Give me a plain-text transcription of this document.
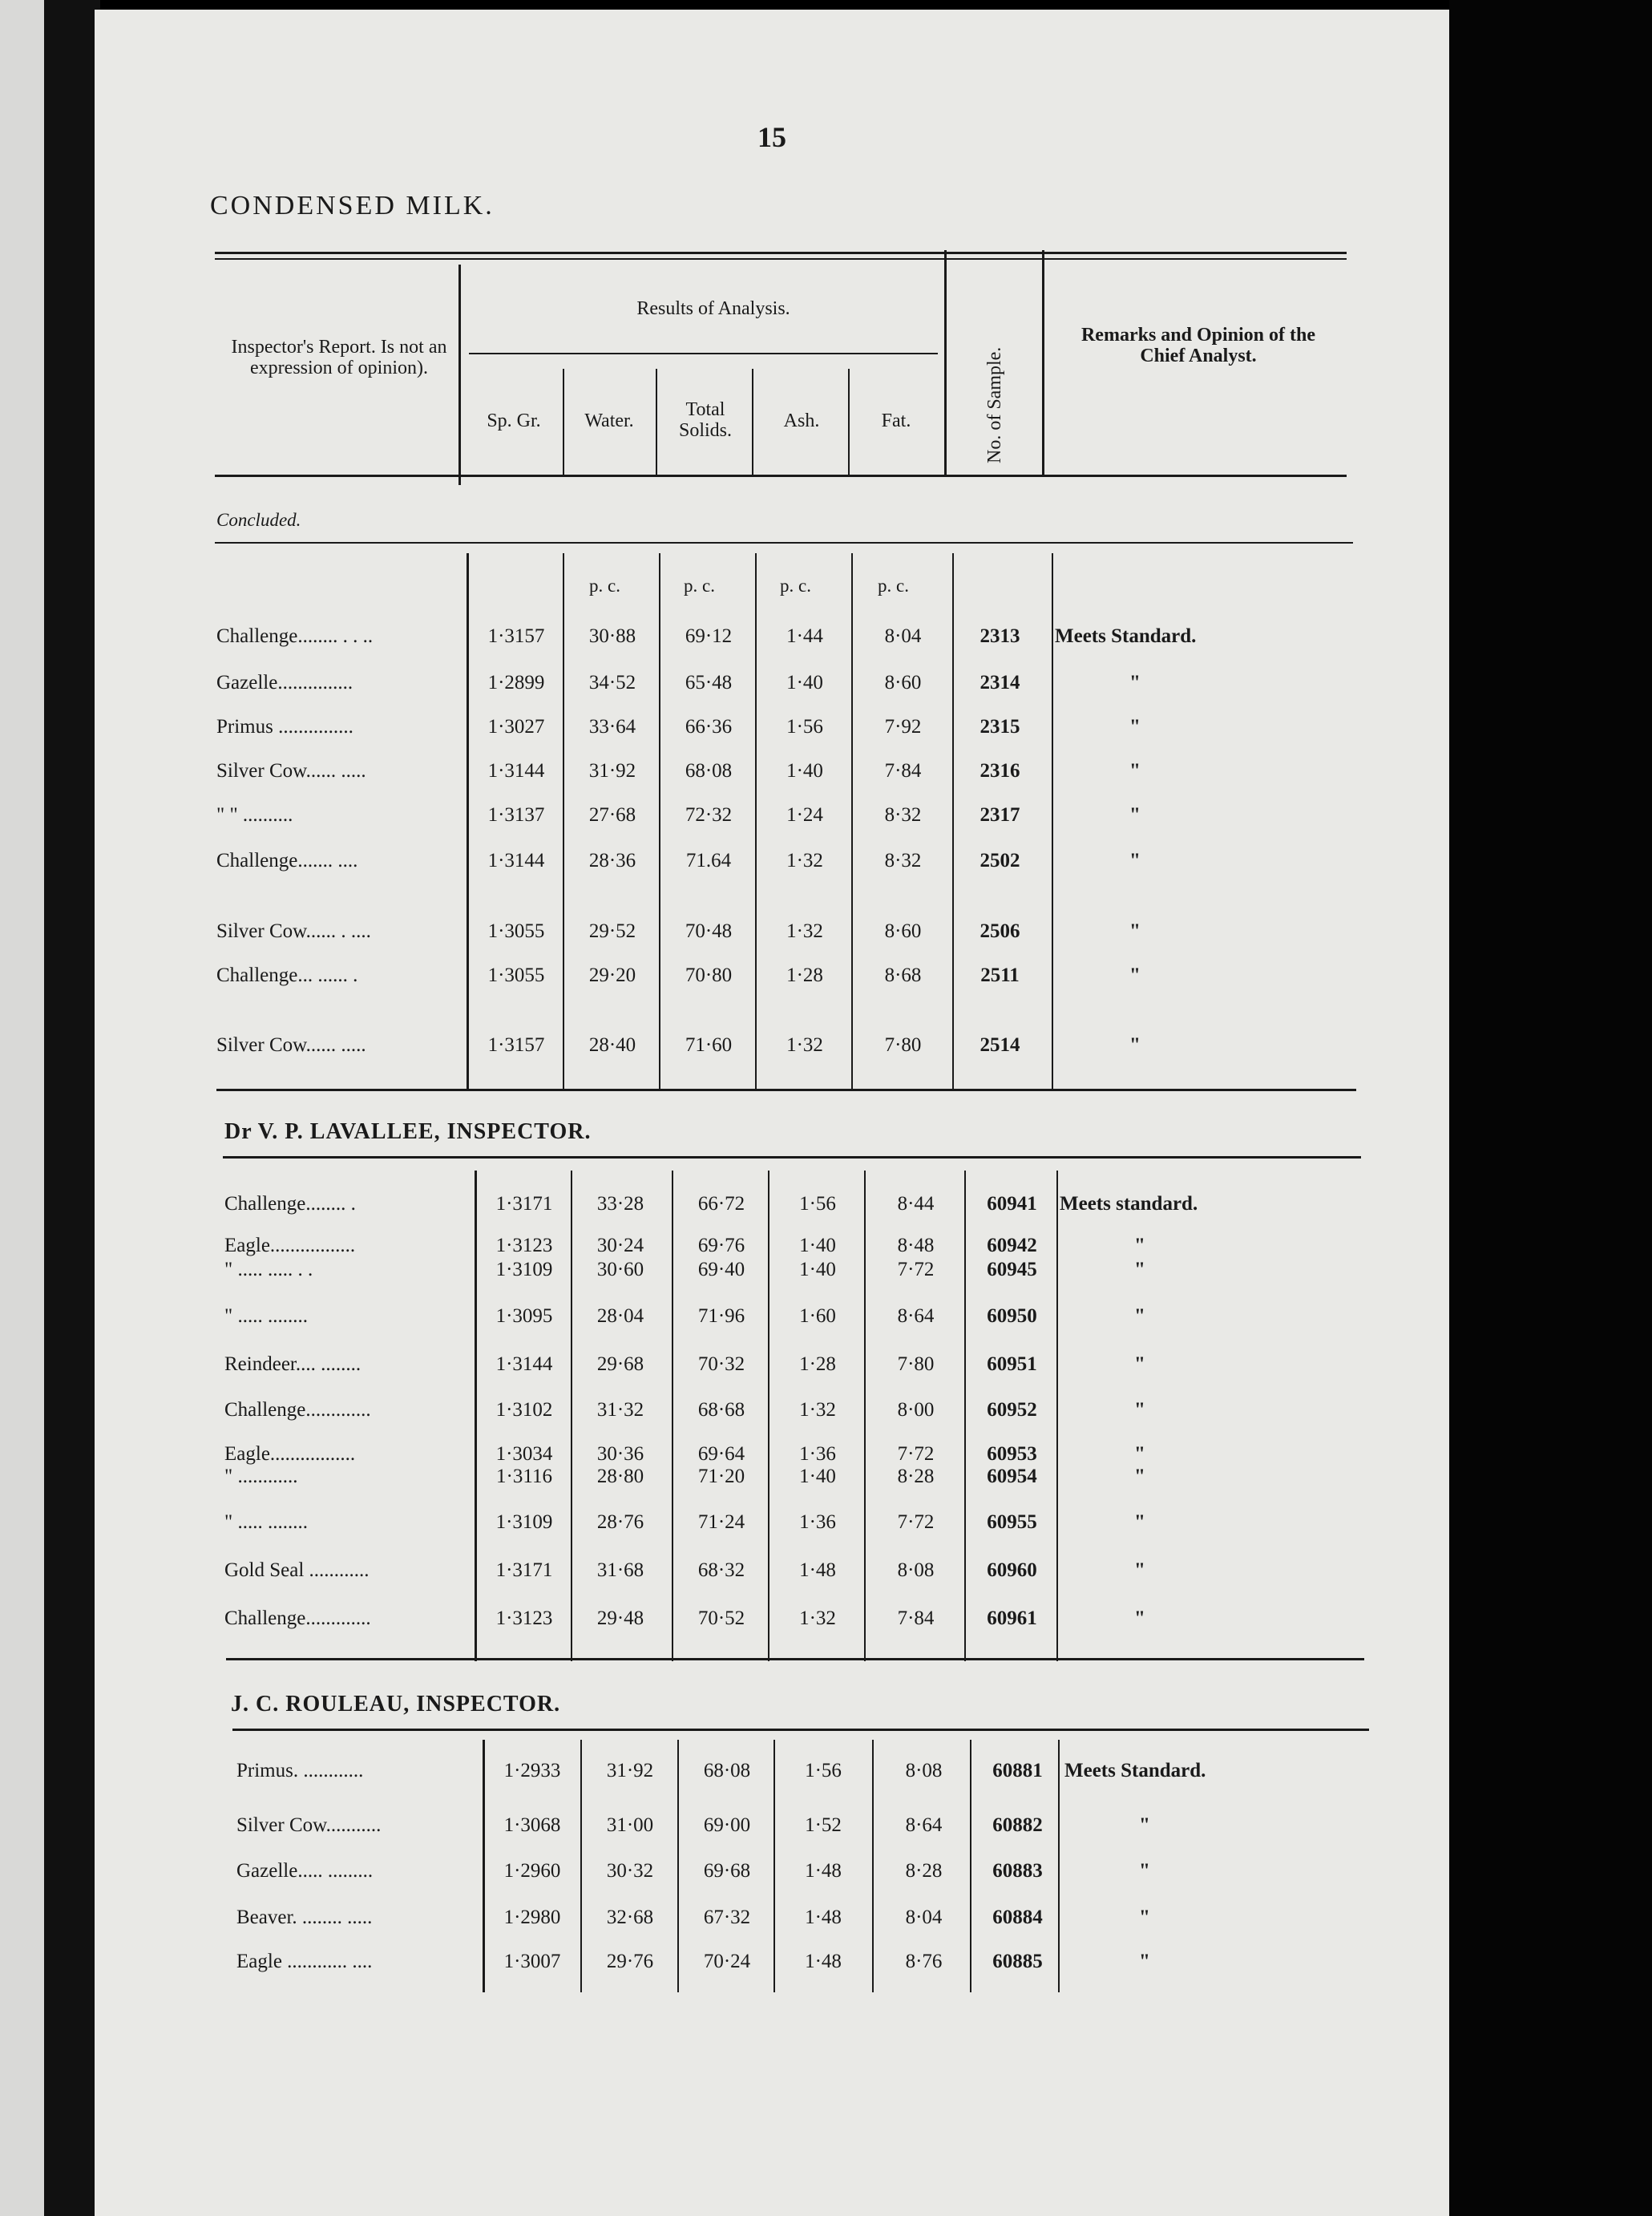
15
CONDENSED MILK.
Inspector's Report. Is not an expression of opinion).
Results of Analysis.
Sp. Gr.	Water.
Total Solids.	Ash.	Fat.	No. of Sample.
Remarks and Opinion of the Chief Analyst.
Concluded.
p. c.	p. c.	p. c.	p. c.
Dr V. P. LAVALLEE, INSPECTOR.
J. C. ROULEAU, INSPECTOR.
Challenge........ . . ..	1·3157	30·88	69·12	1·44	8·04	2313	Meets Standard.
Gazelle...............	1·2899	34·52	65·48	1·40	8·60	2314	"
Primus ...............	1·3027	33·64	66·36	1·56	7·92	2315	"
Silver Cow...... .....	1·3144	31·92	68·08	1·40	7·84	2316	"
" " ..........	1·3137	27·68	72·32	1·24	8·32	2317	"
Challenge....... ....	1·3144	28·36	71.64	1·32	8·32	2502	"
Silver Cow...... . ....	1·3055	29·52	70·48	1·32	8·60	2506	"
Challenge... ...... .	1·3055	29·20	70·80	1·28	8·68	2511	"
Silver Cow...... .....	1·3157	28·40	71·60	1·32	7·80	2514	"
Challenge........ .	1·3171	33·28	66·72	1·56	8·44	60941	Meets standard.
Eagle.................	1·3123	30·24	69·76	1·40	8·48	60942	"
" ..... ..... . .	1·3109	30·60	69·40	1·40	7·72	60945	"
" ..... ........	1·3095	28·04	71·96	1·60	8·64	60950	"
Reindeer.... ........	1·3144	29·68	70·32	1·28	7·80	60951	"
Challenge.............	1·3102	31·32	68·68	1·32	8·00	60952	"
Eagle.................	1·3034	30·36	69·64	1·36	7·72	60953	"
" ............	1·3116	28·80	71·20	1·40	8·28	60954	"
" ..... ........	1·3109	28·76	71·24	1·36	7·72	60955	"
Gold Seal ............	1·3171	31·68	68·32	1·48	8·08	60960	"
Challenge.............	1·3123	29·48	70·52	1·32	7·84	60961	"
Primus. ............	1·2933	31·92	68·08	1·56	8·08	60881	Meets Standard.
Silver Cow...........	1·3068	31·00	69·00	1·52	8·64	60882	"
Gazelle..... .........	1·2960	30·32	69·68	1·48	8·28	60883	"
Beaver. ........ .....	1·2980	32·68	67·32	1·48	8·04	60884	"
Eagle ............ ....	1·3007	29·76	70·24	1·48	8·76	60885	"
